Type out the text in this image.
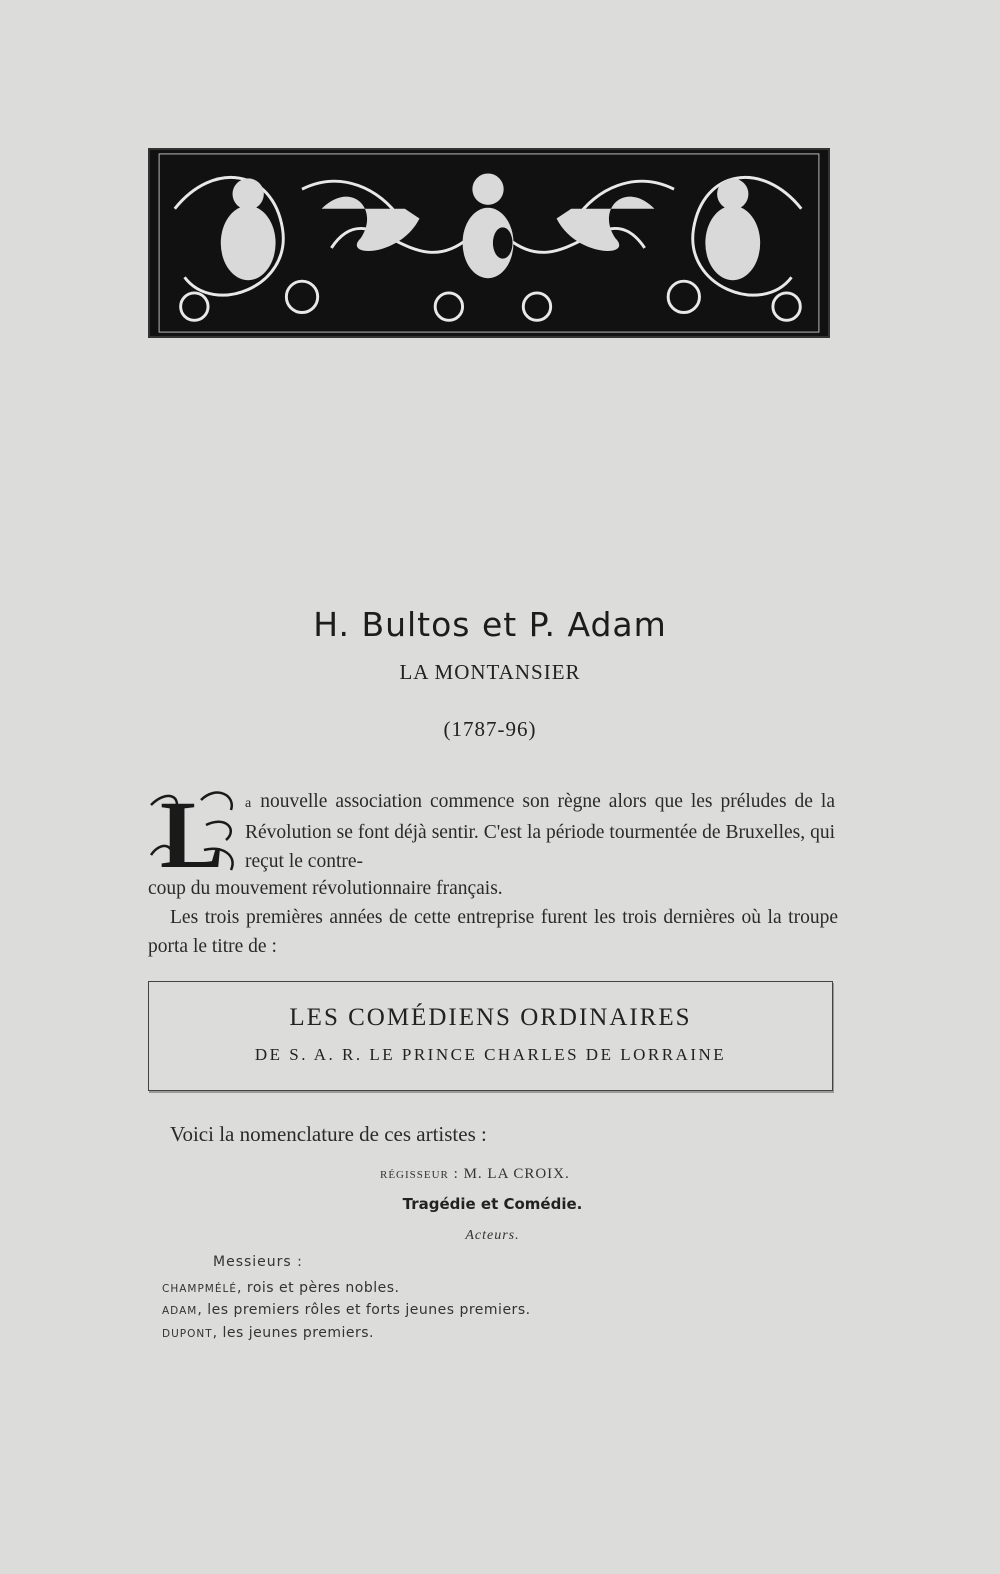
H. Bultos et P. Adam
LA MONTANSIER
(1787-96)
L a nouvelle association commence son règne alors que les préludes de la Révolution se font déjà sentir. C'est la période tourmentée de Bruxelles, qui reçut le contre-
coup du mouvement révolutionnaire français.
Les trois premières années de cette entreprise furent les trois dernières où la troupe porta le titre de :
LES COMÉDIENS ORDINAIRES
DE S. A. R. LE PRINCE CHARLES DE LORRAINE
Voici la nomenclature de ces artistes :
RÉGISSEUR : M. LA CROIX.
Tragédie et Comédie.
Acteurs.
Messieurs :
CHAMPMÉLÉ, rois et pères nobles.
ADAM, les premiers rôles et forts jeunes premiers.
DUPONT, les jeunes premiers.
